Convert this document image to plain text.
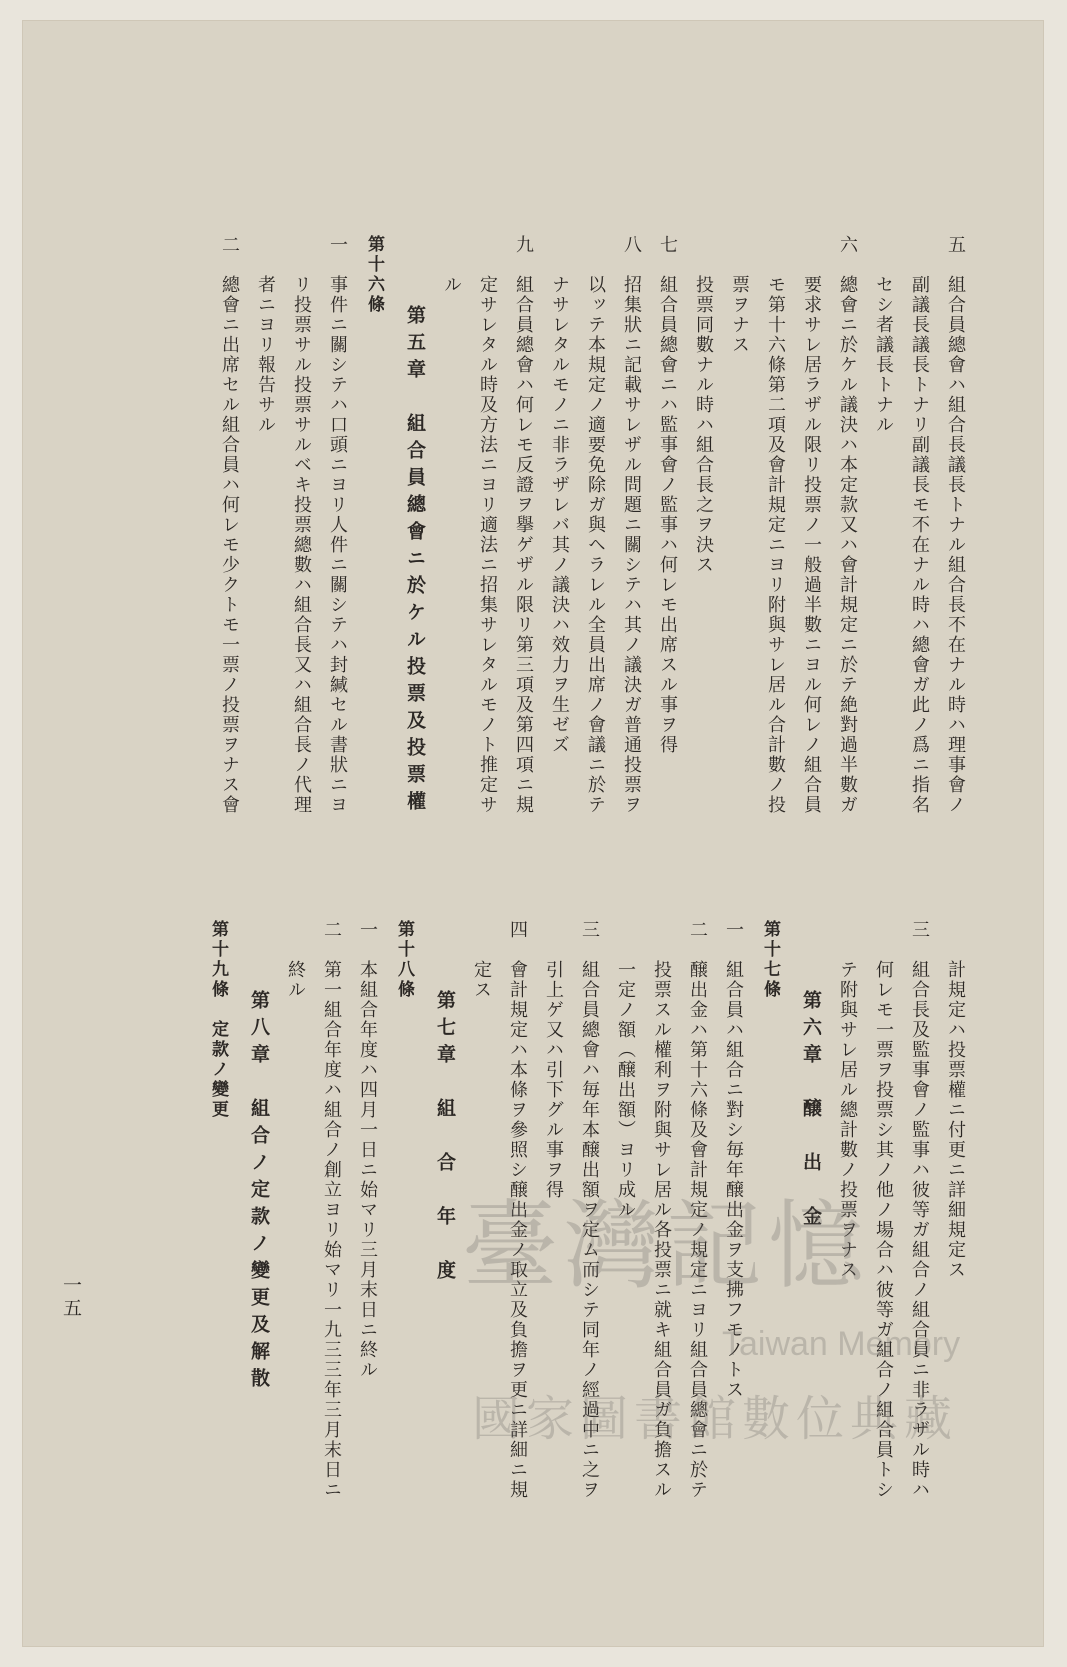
五　組合員總會ハ組合長議長トナル組合長不在ナル時ハ理事會ノ
　　副議長議長トナリ副議長モ不在ナル時ハ總會ガ此ノ爲ニ指名
　　セシ者議長トナル
六　總會ニ於ケル議決ハ本定款又ハ會計規定ニ於テ絶對過半數ガ
　　要求サレ居ラザル限リ投票ノ一般過半數ニヨル何レノ組合員
　　モ第十六條第二項及會計規定ニヨリ附與サレ居ル合計數ノ投
　　票ヲナス
　　投票同數ナル時ハ組合長之ヲ決ス
七　組合員總會ニハ監事會ノ監事ハ何レモ出席スル事ヲ得
八　招集狀ニ記載サレザル問題ニ關シテハ其ノ議決ガ普通投票ヲ
　　以ッテ本規定ノ適要免除ガ與ヘラレル全員出席ノ會議ニ於テ
　　ナサレタルモノニ非ラザレバ其ノ議決ハ效力ヲ生ゼズ
九　組合員總會ハ何レモ反證ヲ擧ゲザル限リ第三項及第四項ニ規
　　定サレタル時及方法ニヨリ適法ニ招集サレタルモノト推定サ
　　ル
第五章　組合員總會ニ於ケル投票及投票權
第十六條
一　事件ニ關シテハ口頭ニヨリ人件ニ關シテハ封緘セル書狀ニヨ
　　リ投票サル投票サルベキ投票總數ハ組合長又ハ組合長ノ代理
　　者ニヨリ報告サル
二　總會ニ出席セル組合員ハ何レモ少クトモ一票ノ投票ヲナス會
　　計規定ハ投票權ニ付更ニ詳細規定ス
三　組合長及監事會ノ監事ハ彼等ガ組合ノ組合員ニ非ラザル時ハ
　　何レモ一票ヲ投票シ其ノ他ノ場合ハ彼等ガ組合ノ組合員トシ
　　テ附與サレ居ル總計數ノ投票ヲナス
第六章　醸　出　金
第十七條
一　組合員ハ組合ニ對シ毎年醸出金ヲ支拂フモノトス
二　醸出金ハ第十六條及會計規定ノ規定ニヨリ組合員總會ニ於テ
　　投票スル權利ヲ附與サレ居ル各投票ニ就キ組合員ガ負擔スル
　　一定ノ額（醸出額）ヨリ成ル
三　組合員總會ハ毎年本醸出額ヲ定ム而シテ同年ノ經過中ニ之ヲ
　　引上ゲ又ハ引下グル事ヲ得
四　會計規定ハ本條ヲ參照シ醸出金ノ取立及負擔ヲ更ニ詳細ニ規
　　定ス
第七章　組　合　年　度
第十八條
一　本組合年度ハ四月一日ニ始マリ三月末日ニ終ル
二　第一組合年度ハ組合ノ創立ヨリ始マリ一九三三年三月末日ニ
　　終ル
第八章　組合ノ定款ノ變更及解散
第十九條　定款ノ變更
一五	臺灣記憶
Taiwan Memory
國家圖書館數位典藏
